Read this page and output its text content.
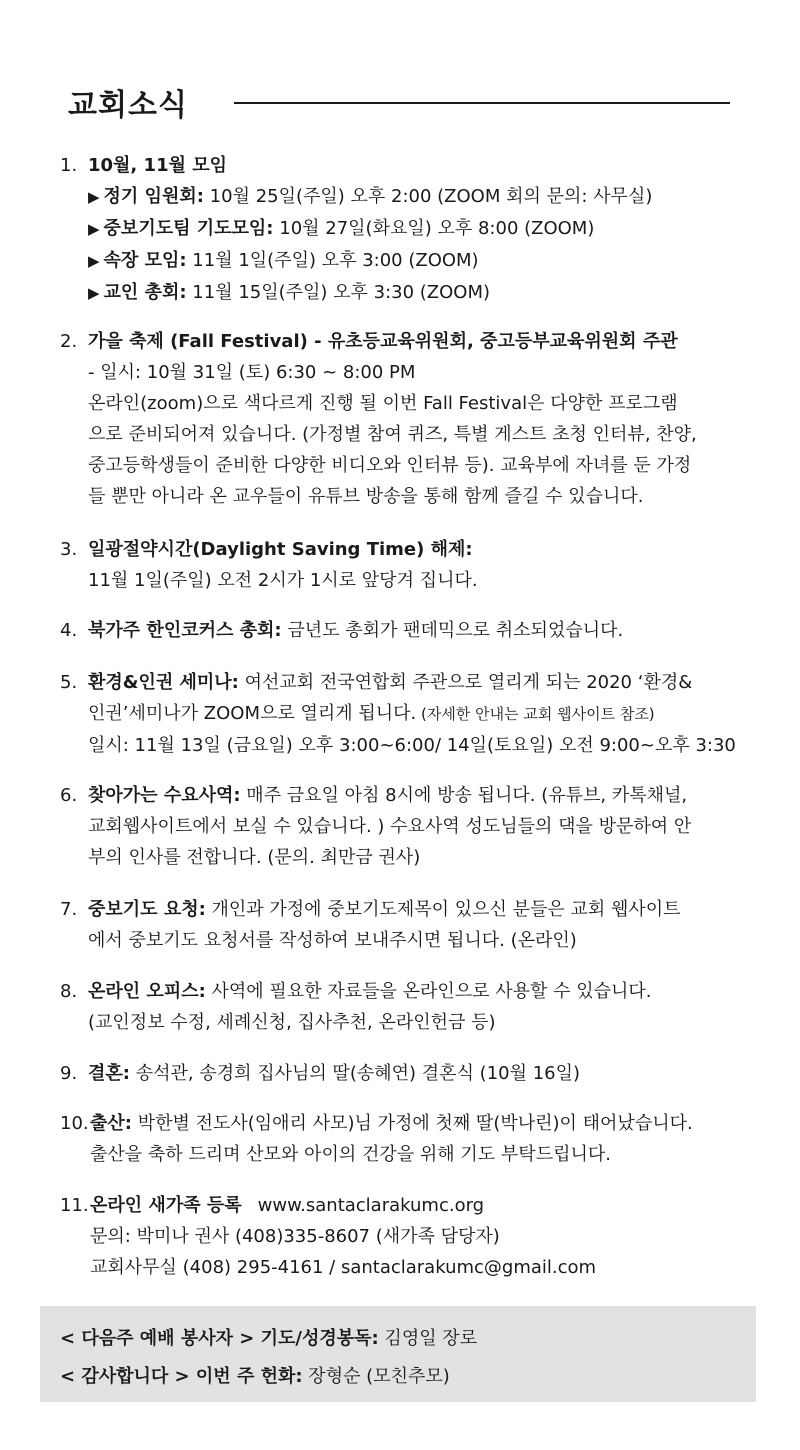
교회소식
1. 10월, 11월 모임

▶ 정기 임원회: 10월 25일(주일) 오후 2:00 (ZOOM 회의 문의: 사무실)

▶ 중보기도팀 기도모임: 10월 27일(화요일) 오후 8:00 (ZOOM)

▶ 속장 모임: 11월 1일(주일) 오후 3:00 (ZOOM)

▶ 교인 총회: 11월 15일(주일) 오후 3:30 (ZOOM)

2. 가을 축제 (Fall Festival) - 유초등교육위원회, 중고등부교육위원회 주관

- 일시: 10월 31일 (토) 6:30 ~ 8:00 PM

온라인(zoom)으로 색다르게 진행 될 이번 Fall Festival은 다양한 프로그램

으로 준비되어져 있습니다. (가정별 참여 퀴즈, 특별 게스트 초청 인터뷰, 찬양,

중고등학생들이 준비한 다양한 비디오와 인터뷰 등). 교육부에 자녀를 둔 가정

들 뿐만 아니라 온 교우들이 유튜브 방송을 통해 함께 즐길 수 있습니다.

3. 일광절약시간(Daylight Saving Time) 해제:

11월 1일(주일) 오전 2시가 1시로 앞당겨 집니다.

4. 북가주 한인코커스 총회: 금년도 총회가 팬데믹으로 취소되었습니다.

5. 환경&인권 세미나: 여선교회 전국연합회 주관으로 열리게 되는 2020 ‘환경&

인권’세미나가 ZOOM으로 열리게 됩니다. (자세한 안내는 교회 웹사이트 참조)

일시: 11월 13일 (금요일) 오후 3:00~6:00/ 14일(토요일) 오전 9:00~오후 3:30

6. 찾아가는 수요사역: 매주 금요일 아침 8시에 방송 됩니다. (유튜브, 카톡채널,

교회웹사이트에서 보실 수 있습니다. ) 수요사역 성도님들의 댁을 방문하여 안

부의 인사를 전합니다. (문의. 최만금 권사)

7. 중보기도 요청: 개인과 가정에 중보기도제목이 있으신 분들은 교회 웹사이트

에서 중보기도 요청서를 작성하여 보내주시면 됩니다. (온라인)

8. 온라인 오피스: 사역에 필요한 자료들을 온라인으로 사용할 수 있습니다.

(교인정보 수정, 세례신청, 집사추천, 온라인헌금 등)

9. 결혼: 송석관, 송경희 집사님의 딸(송혜연) 결혼식 (10월 16일)

10. 출산: 박한별 전도사(임애리 사모)님 가정에 첫째 딸(박나린)이 태어났습니다.

출산을 축하 드리며 산모와 아이의 건강을 위해 기도 부탁드립니다.

11. 온라인 새가족 등록 www.santaclarakumc.org

문의: 박미나 권사 (408)335-8607 (새가족 담당자)

교회사무실 (408) 295-4161 / santaclarakumc@gmail.com

< 다음주 예배 봉사자 > 기도/성경봉독: 김영일 장로

< 감사합니다 > 이번 주 헌화: 장형순 (모친추모)
